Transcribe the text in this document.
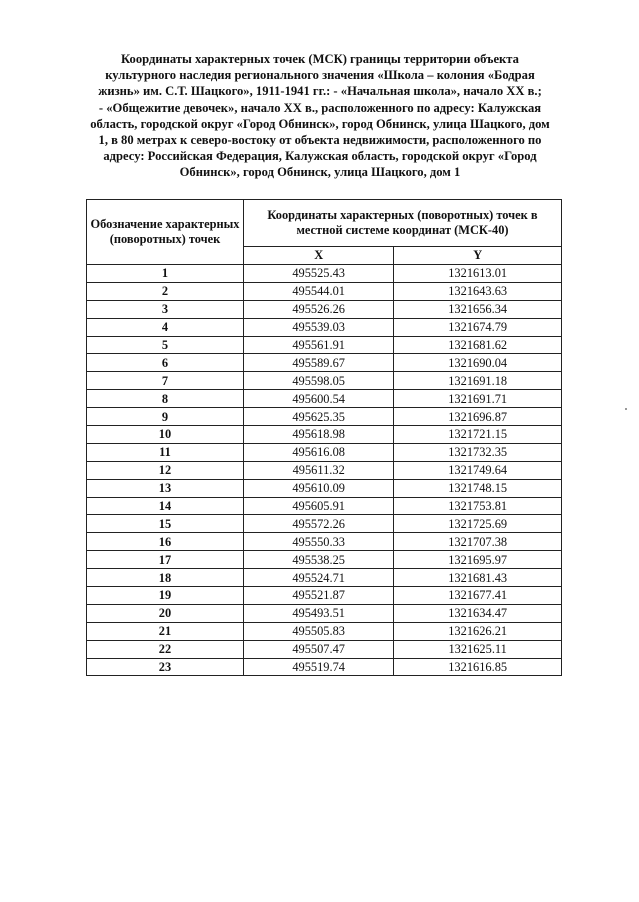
Координаты характерных точек (МСК) границы территории объекта
культурного наследия регионального значения «Школа – колония «Бодрая
жизнь» им. С.Т. Шацкого», 1911-1941 гг.: - «Начальная школа», начало XX в.;
- «Общежитие девочек», начало XX в., расположенного по адресу: Калужская
область, городской округ «Город Обнинск», город Обнинск, улица Шацкого, дом
1, в 80 метрах к северо-востоку от объекта недвижимости, расположенного по
адресу: Российская Федерация, Калужская область, городской округ «Город
Обнинск», город Обнинск, улица Шацкого, дом 1
Обозначение характерных (поворотных) точек	Координаты характерных (поворотных) точек в местной системе координат (МСК-40)	
	X	Y
1	495525.43	1321613.01
2	495544.01	1321643.63
3	495526.26	1321656.34
4	495539.03	1321674.79
5	495561.91	1321681.62
6	495589.67	1321690.04
7	495598.05	1321691.18
8	495600.54	1321691.71
9	495625.35	1321696.87
10	495618.98	1321721.15
11	495616.08	1321732.35
12	495611.32	1321749.64
13	495610.09	1321748.15
14	495605.91	1321753.81
15	495572.26	1321725.69
16	495550.33	1321707.38
17	495538.25	1321695.97
18	495524.71	1321681.43
19	495521.87	1321677.41
20	495493.51	1321634.47
21	495505.83	1321626.21
22	495507.47	1321625.11
23	495519.74	1321616.85
